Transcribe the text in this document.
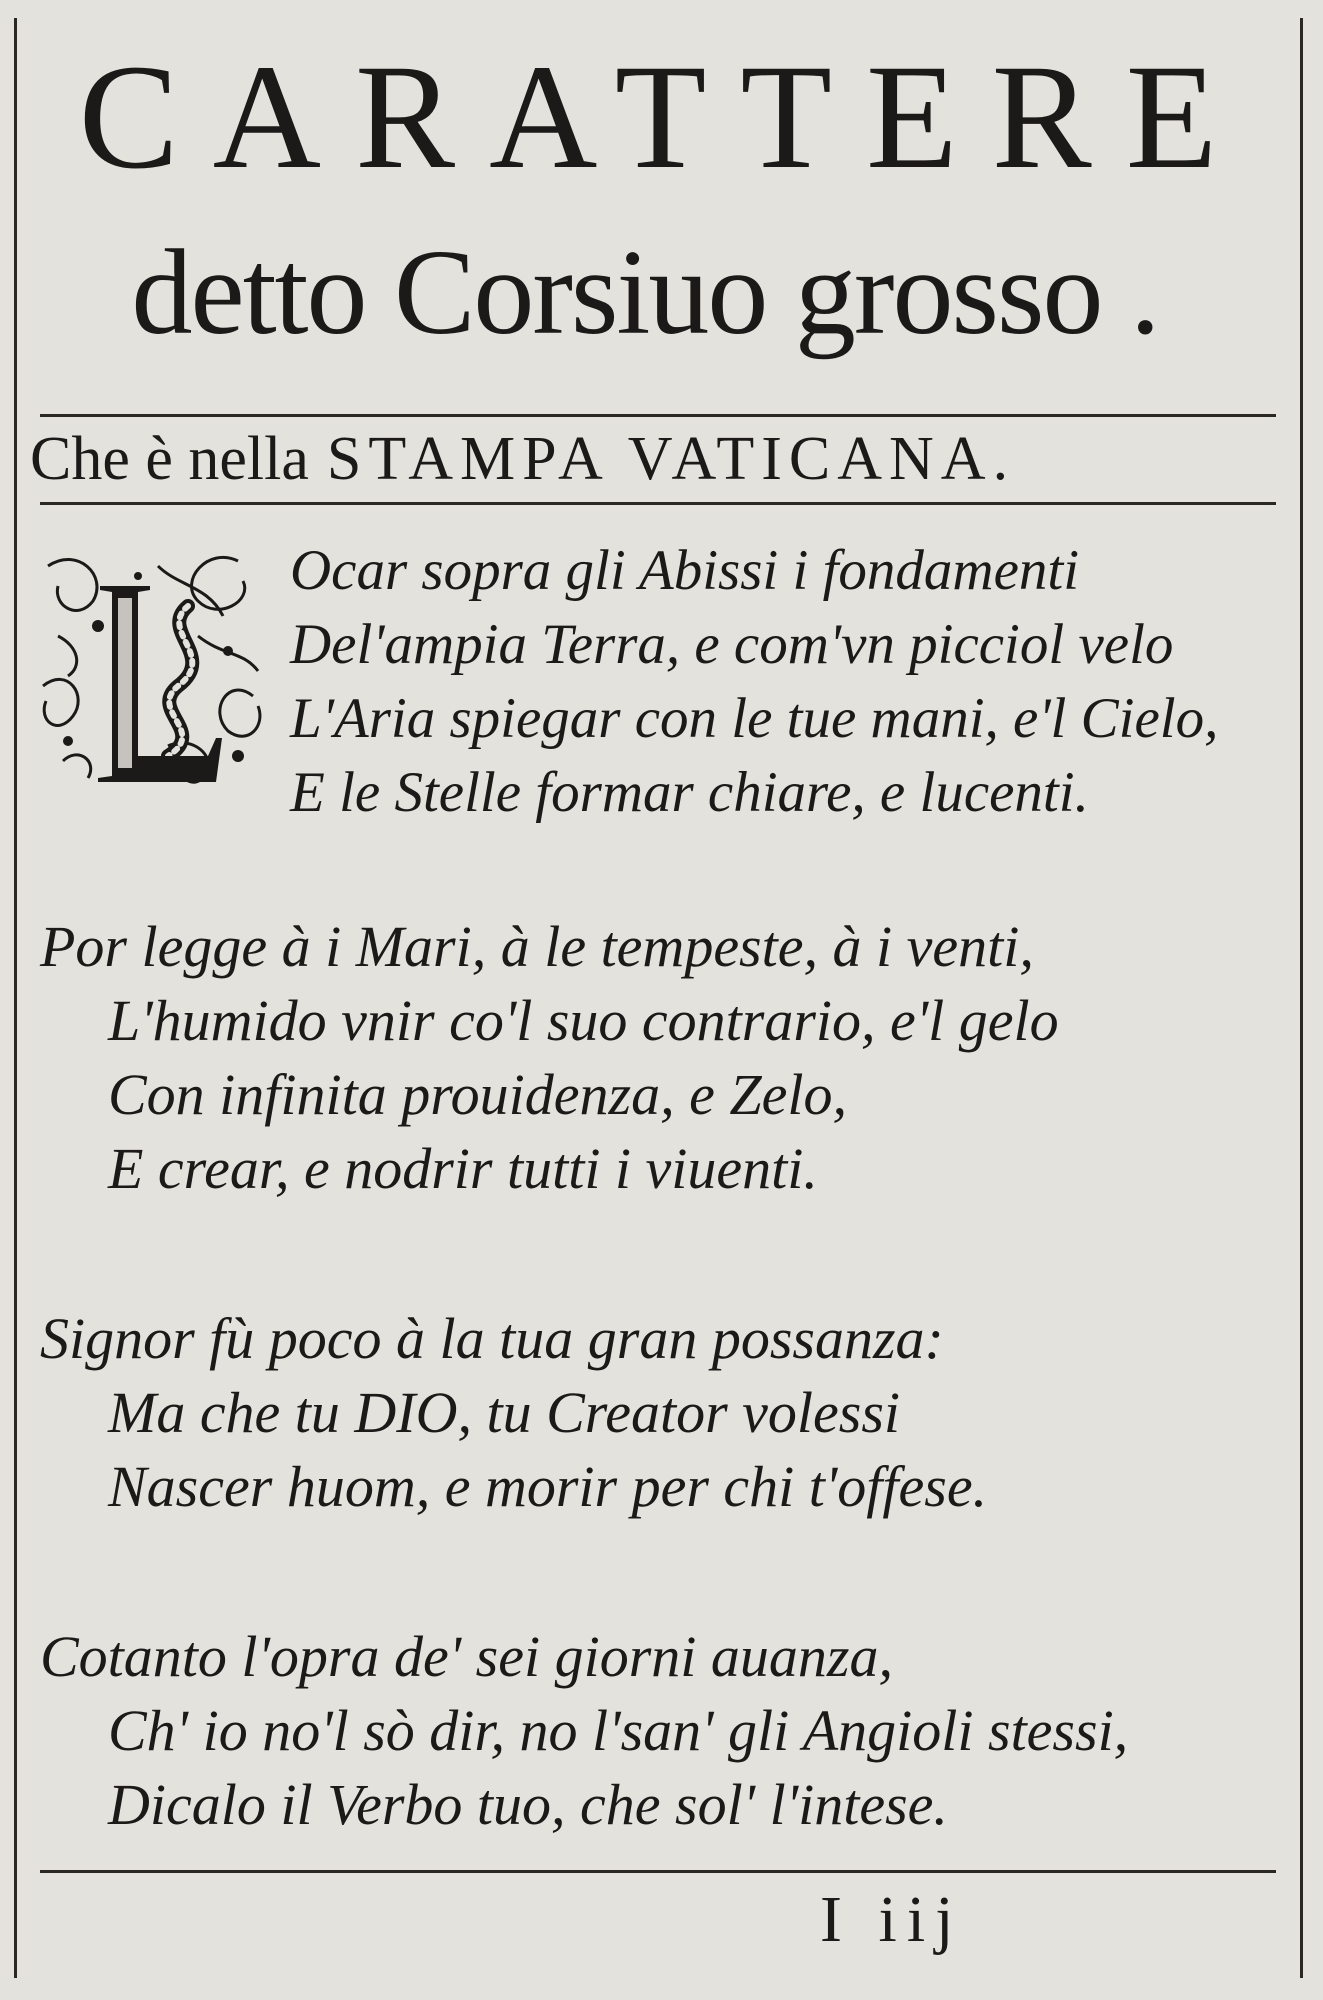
CARATTERE
detto Corsiuo grosso .
Che è nella STAMPA VATICANA.
Ocar sopra gli Abissi i fondamenti
Del'ampia Terra, e com'vn picciol velo
L'Aria spiegar con le tue mani, e'l Cielo,
E le Stelle formar chiare, e lucenti.
Por legge à i Mari, à le tempeste, à i venti,
L'humido vnir co'l suo contrario, e'l gelo
Con infinita prouidenza, e Zelo,
E crear, e nodrir tutti i viuenti.
Signor fù poco à la tua gran possanza:
Ma che tu DIO, tu Creator volessi
Nascer huom, e morir per chi t'offese.
Cotanto l'opra de' sei giorni auanza,
Ch' io no'l sò dir, no l'san' gli Angioli stessi,
Dicalo il Verbo tuo, che sol' l'intese.
I iij
